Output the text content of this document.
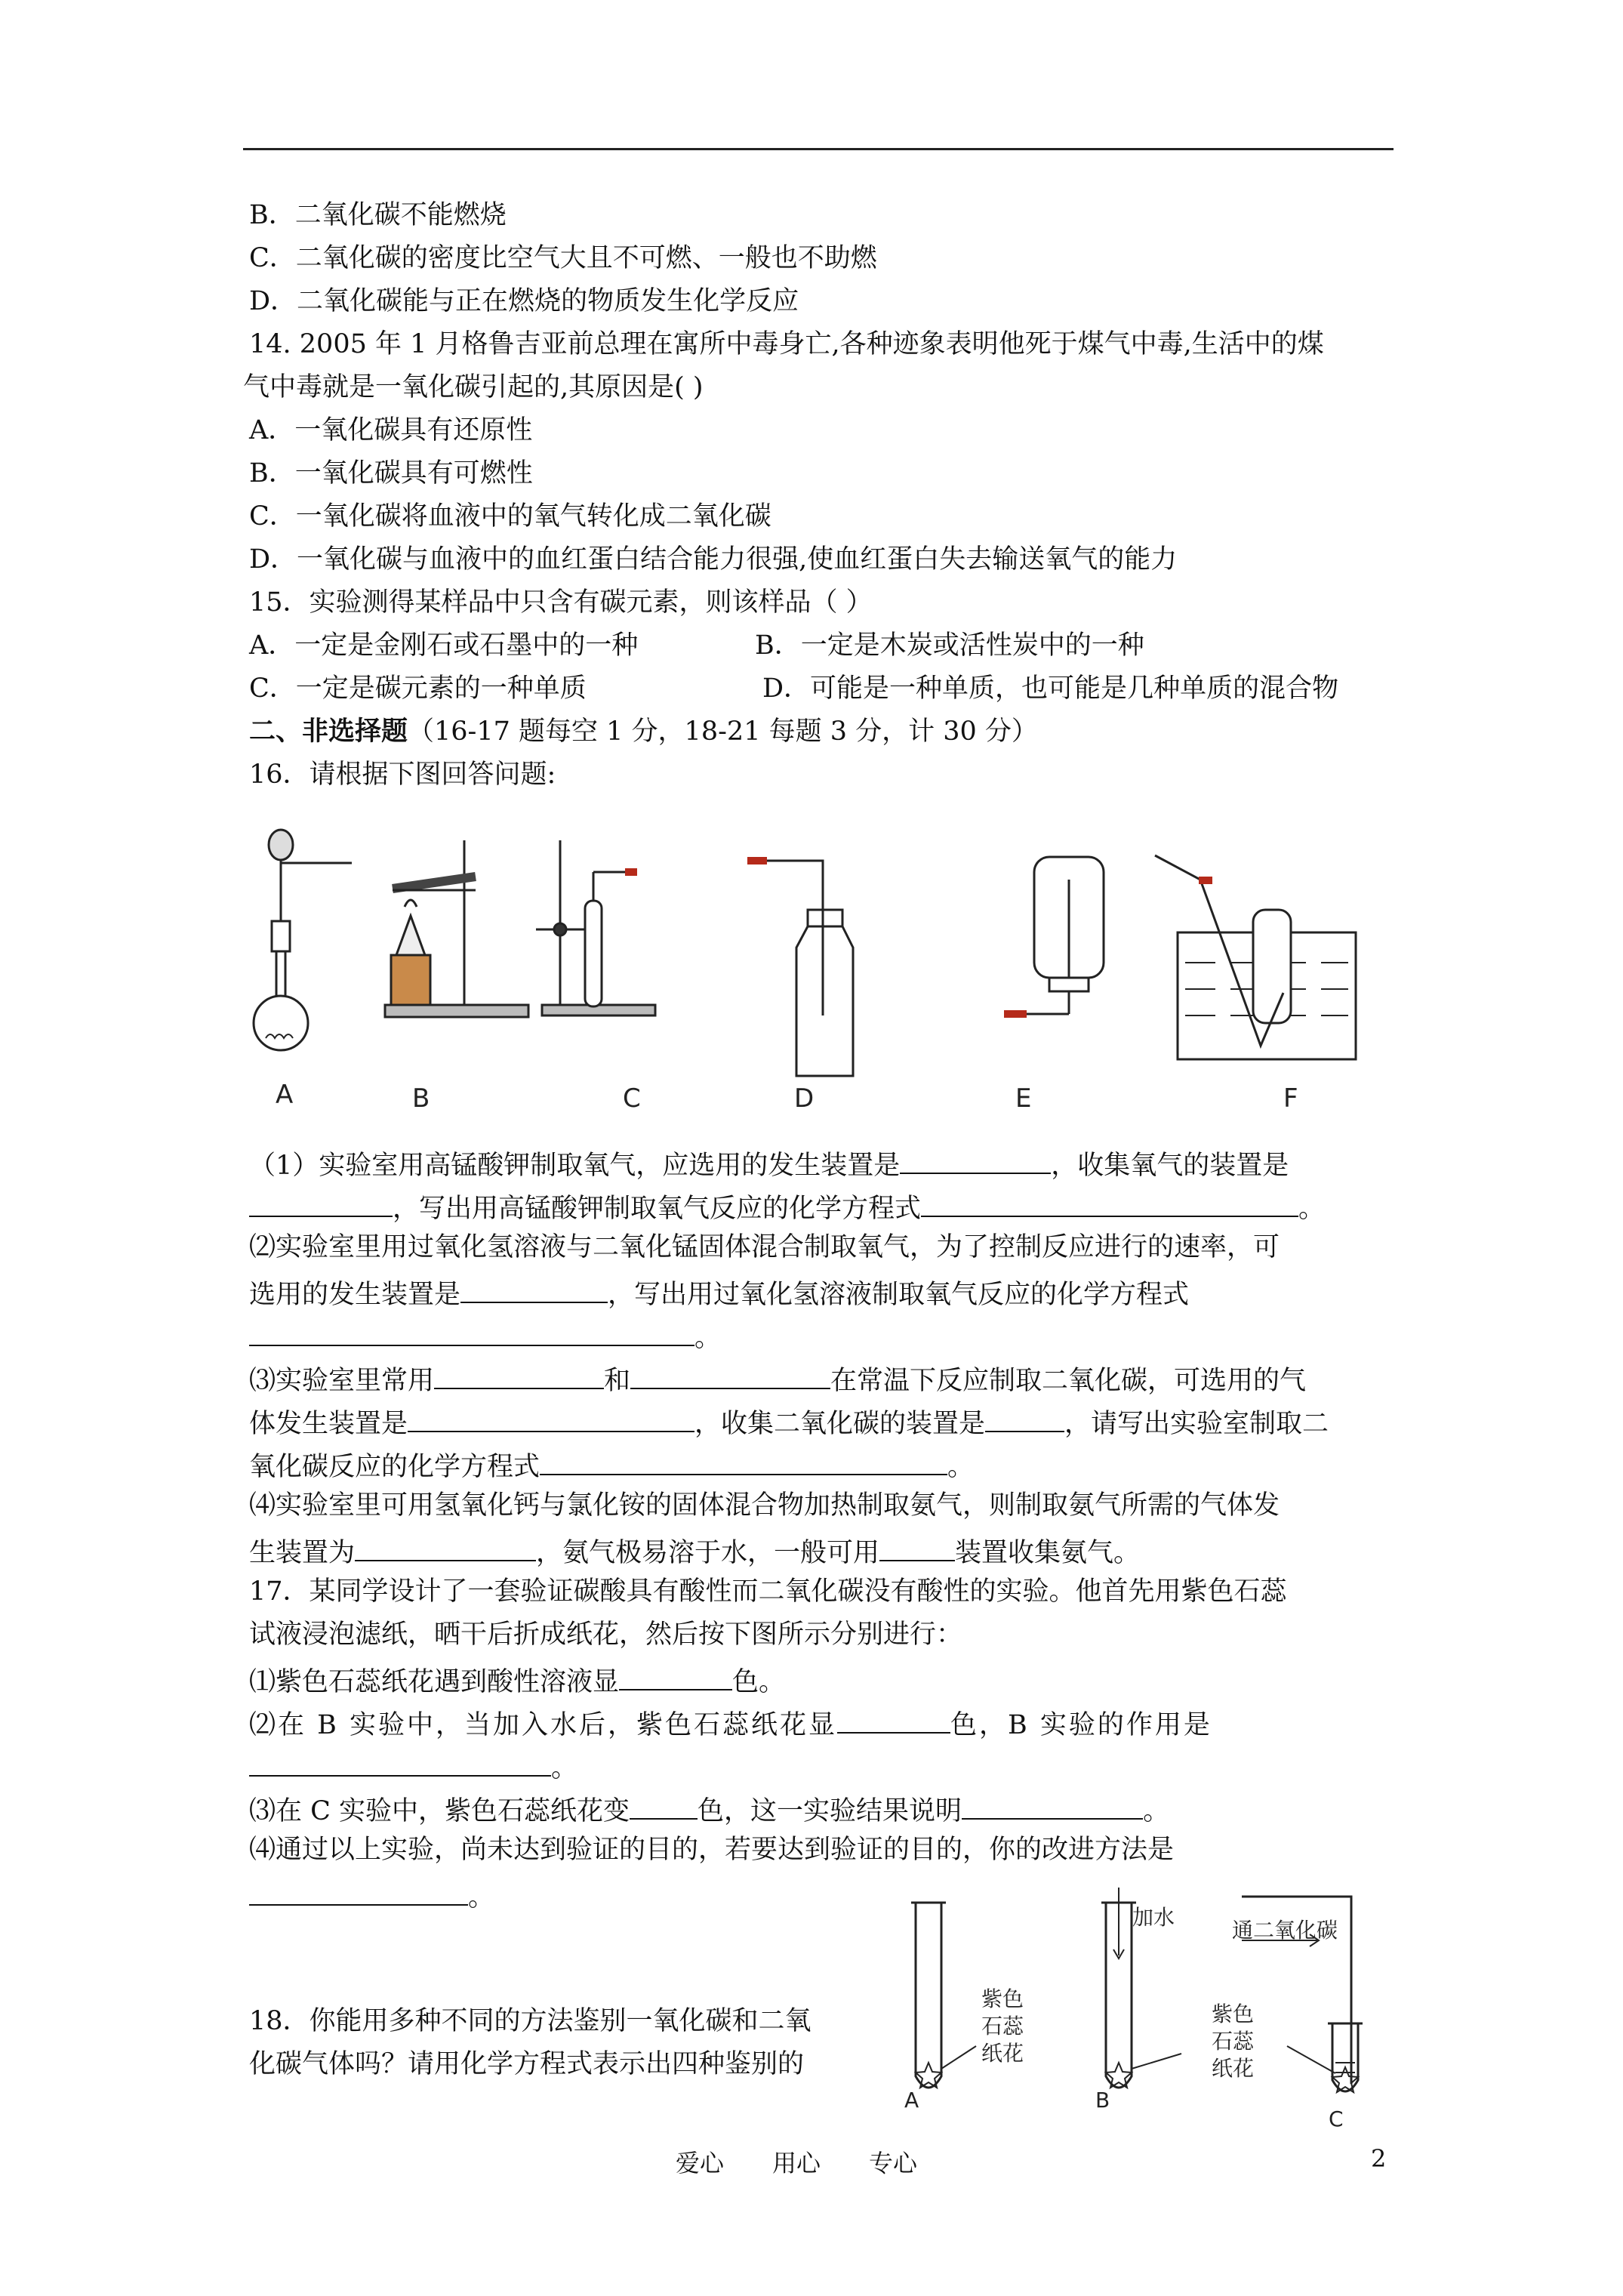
B．二氧化碳不能燃烧
C．二氧化碳的密度比空气大且不可燃、一般也不助燃
D．二氧化碳能与正在燃烧的物质发生化学反应
14. 2005 年 1 月格鲁吉亚前总理在寓所中毒身亡,各种迹象表明他死于煤气中毒,生活中的煤
气中毒就是一氧化碳引起的,其原因是( )
A．一氧化碳具有还原性
B．一氧化碳具有可燃性
C．一氧化碳将血液中的氧气转化成二氧化碳
D．一氧化碳与血液中的血红蛋白结合能力很强,使血红蛋白失去输送氧气的能力
15．实验测得某样品中只含有碳元素，则该样品（ ）
A．一定是金刚石或石墨中的一种	B．一定是木炭或活性炭中的一种
C．一定是碳元素的一种单质	D．可能是一种单质，也可能是几种单质的混合物
二、非选择题（16-17 题每空 1 分，18-21 每题 3 分，计 30 分）
16．请根据下图回答问题:
A	B	C	D	E	F
（1）实验室用高锰酸钾制取氧气，应选用的发生装置是	，收集氧气的装置是
，写出用高锰酸钾制取氧气反应的化学方程式	。
⑵实验室里用过氧化氢溶液与二氧化锰固体混合制取氧气，为了控制反应进行的速率，可
选用的发生装置是	，写出用过氧化氢溶液制取氧气反应的化学方程式
。
⑶实验室里常用	和	在常温下反应制取二氧化碳，可选用的气
体发生装置是	，收集二氧化碳的装置是	，请写出实验室制取二
氧化碳反应的化学方程式	。
⑷实验室里可用氢氧化钙与氯化铵的固体混合物加热制取氨气，则制取氨气所需的气体发
生装置为	，氨气极易溶于水，一般可用	装置收集氨气。
17．某同学设计了一套验证碳酸具有酸性而二氧化碳没有酸性的实验。他首先用紫色石蕊
试液浸泡滤纸，晒干后折成纸花，然后按下图所示分别进行：
⑴紫色石蕊纸花遇到酸性溶液显	色。
⑵在 B 实验中，当加入水后，紫色石蕊纸花显	色，B 实验的作用是
。
⑶在 C 实验中，紫色石蕊纸花变	色，这一实验结果说明	。
⑷通过以上实验，尚未达到验证的目的，若要达到验证的目的，你的改进方法是
。
18．你能用多种不同的方法鉴别一氧化碳和二氧
化碳气体吗？请用化学方程式表示出四种鉴别的
紫色
石蕊
纸花
紫色
石蕊
纸花
加水
通二氧化碳
A	B
C
爱心　　用心　　专心	2
